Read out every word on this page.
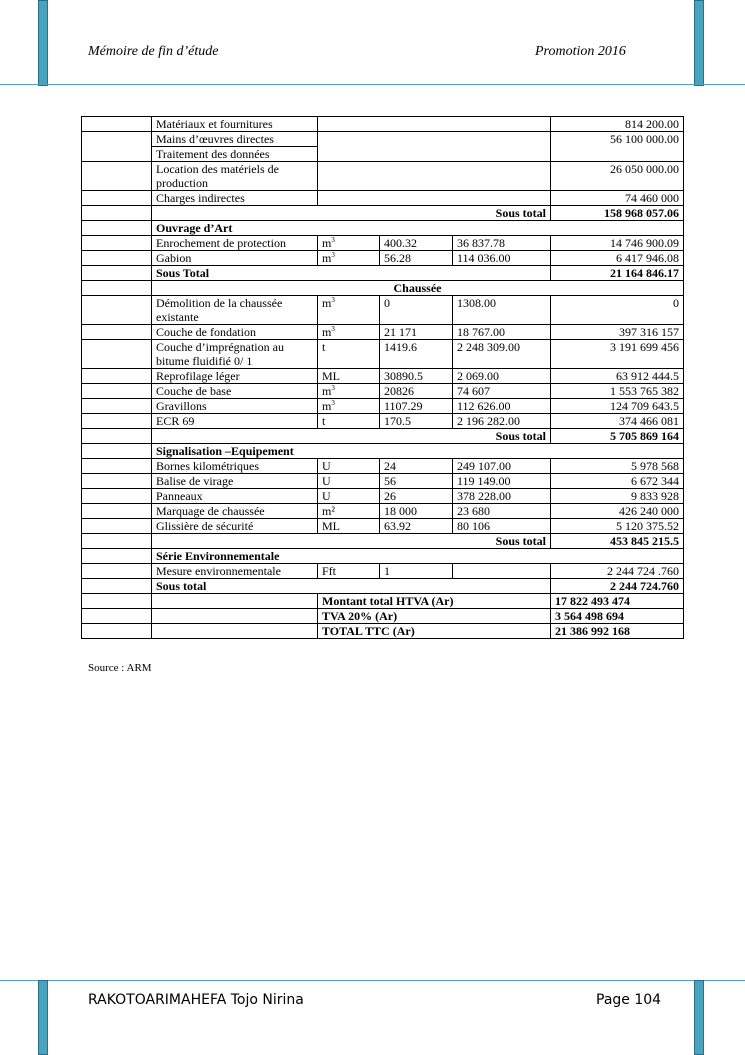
Mémoire de fin d’étude	Promotion 2016
	Matériaux et fournitures				814 200.00
	Mains d’œuvres directes				56 100 000.00
	Traitement des données				
	Location des matériels de production				26 050 000.00
	Charges indirectes				74 460 000
	Sous total				158 968 057.06
	Ouvrage d’Art				
	Enrochement de protection	$m^3$	400.32	36 837.78	14 746 900.09
	Gabion	$m^3$	56.28	114 036.00	6 417 946.08
	Sous Total				21 164 846.17
	Chaussée				
	Démolition de la chaussée existante	$m^3$	0	1308.00	0
	Couche de fondation	$m^3$	21 171	18 767.00	397 316 157
	Couche d’imprégnation au bitume fluidifié 0/ 1	t	1419.6	2 248 309.00	3 191 699 456
	Reprofilage léger	ML	30890.5	2 069.00	63 912 444.5
	Couche de base	$m^3$	20826	74 607	1 553 765 382
	Gravillons	$m^3$	1107.29	112 626.00	124 709 643.5
	ECR 69	t	170.5	2 196 282.00	374 466 081
	Sous total				5 705 869 164
	Signalisation –Equipement				
	Bornes kilométriques	U	24	249 107.00	5 978 568
	Balise de virage	U	56	119 149.00	6 672 344
	Panneaux	U	26	378 228.00	9 833 928
	Marquage de chaussée	m²	18 000	23 680	426 240 000
	Glissière de sécurité	ML	63.92	80 106	5 120 375.52
	Sous total				453 845 215.5
	Série Environnementale				
	Mesure environnementale	Fft	1		2 244 724 .760
	Sous total				2 244 724.760
		Montant total HTVA (Ar)			17 822 493 474
		TVA 20% (Ar)			3 564 498 694
		TOTAL TTC (Ar)			21 386 992 168
Source : ARM
RAKOTOARIMAHEFA Tojo Nirina	Page 104
